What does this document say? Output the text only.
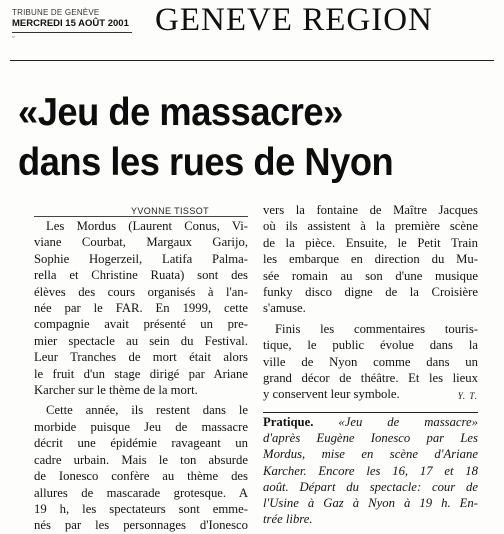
TRIBUNE DE GENÈVE
MERCREDI 15 AOÛT 2001
▫	GENEVE REGION
«Jeu de massacre»
dans les rues de Nyon
YVONNE TISSOT
Les Mordus (Laurent Conus, Vi-
viane Courbat, Margaux Garijo,
Sophie Hogerzeil, Latifa Palma-
rella et Christine Ruata) sont des
élèves des cours organisés à l'an-
née par le FAR. En 1999, cette
compagnie avait présenté un pre-
mier spectacle au sein du Festival.
Leur Tranches de mort était alors
le fruit d'un stage dirigé par Ariane
Karcher sur le thème de la mort.
Cette année, ils restent dans le
morbide puisque Jeu de massacre
décrit une épidémie ravageant un
cadre urbain. Mais le ton absurde
de Ionesco confère au thème des
allures de mascarade grotesque. A
19 h, les spectateurs sont emme-
nés par les personnages d'Ionesco
vers la fontaine de Maître Jacques
où ils assistent à la première scène
de la pièce. Ensuite, le Petit Train
les embarque en direction du Mu-
sée romain au son d'une musique
funky disco digne de la Croisière
s'amuse.
Finis les commentaires touris-
tique, le public évolue dans la
ville de Nyon comme dans un
grand décor de théâtre. Et les lieux
y conservent leur symbole.	Y. T.
Pratique. «Jeu de massacre»
d'après Eugène Ionesco par Les
Mordus, mise en scène d'Ariane
Karcher. Encore les 16, 17 et 18
août. Départ du spectacle: cour de
l'Usine à Gaz à Nyon à 19 h. En-
trée libre.
